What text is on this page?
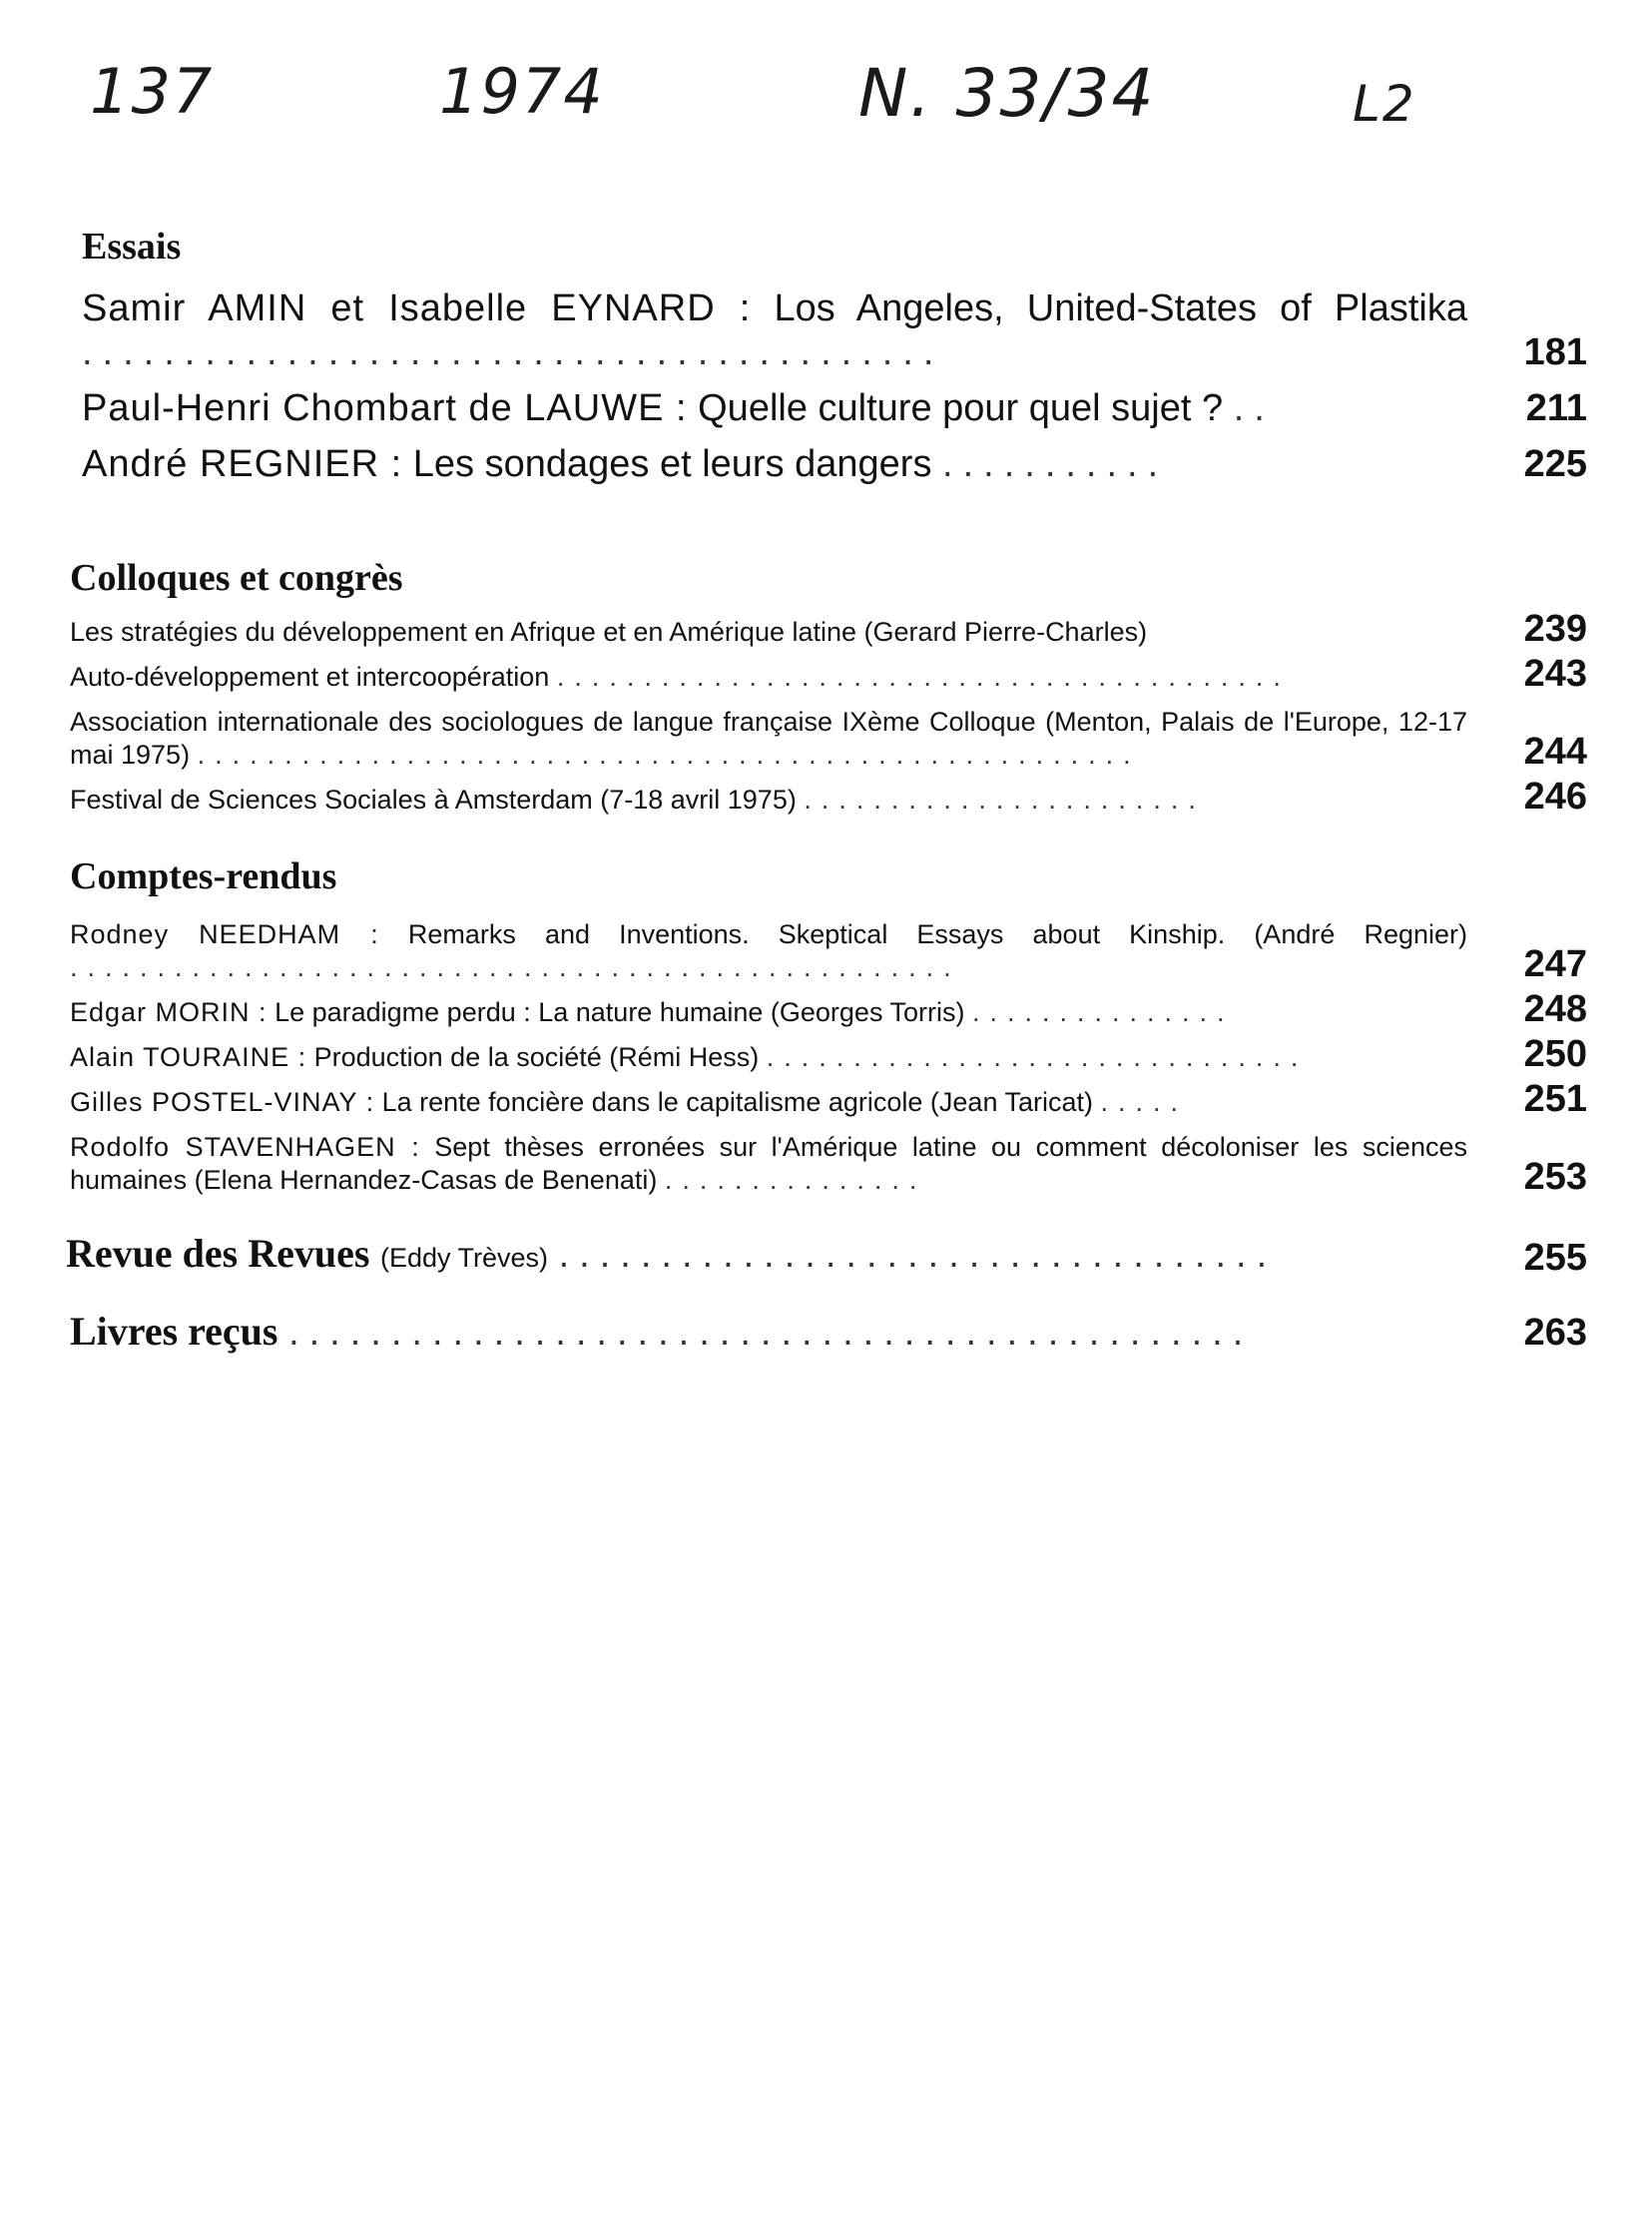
137	1974	N. 33/34	L2
Essais
Samir AMIN et Isabelle EYNARD : Los Angeles, United-States of Plastika ..........................................	181
Paul-Henri Chombart de LAUWE : Quelle culture pour quel sujet ? ..	211
André REGNIER : Les sondages et leurs dangers ...........	225
Colloques et congrès
Les stratégies du développement en Afrique et en Amérique latine (Gerard Pierre-Charles)	239
Auto-développement et intercoopération ..........................................	243
Association internationale des sociologues de langue française IXème Colloque (Menton, Palais de l'Europe, 12-17 mai 1975) ......................................................	244
Festival de Sciences Sociales à Amsterdam (7-18 avril 1975) .......................	246
Comptes-rendus
Rodney NEEDHAM : Remarks and Inventions. Skeptical Essays about Kinship. (André Regnier) ...................................................	247
Edgar MORIN : Le paradigme perdu : La nature humaine (Georges Torris) ...............	248
Alain TOURAINE : Production de la société (Rémi Hess) ...............................	250
Gilles POSTEL-VINAY : La rente foncière dans le capitalisme agricole (Jean Taricat) .....	251
Rodolfo STAVENHAGEN : Sept thèses erronées sur l'Amérique latine ou comment décoloniser les sciences humaines (Elena Hernandez-Casas de Benenati) ...............	253
Revue des Revues (Eddy Trèves) ...................................	255
Livres reçus ...............................................	263
